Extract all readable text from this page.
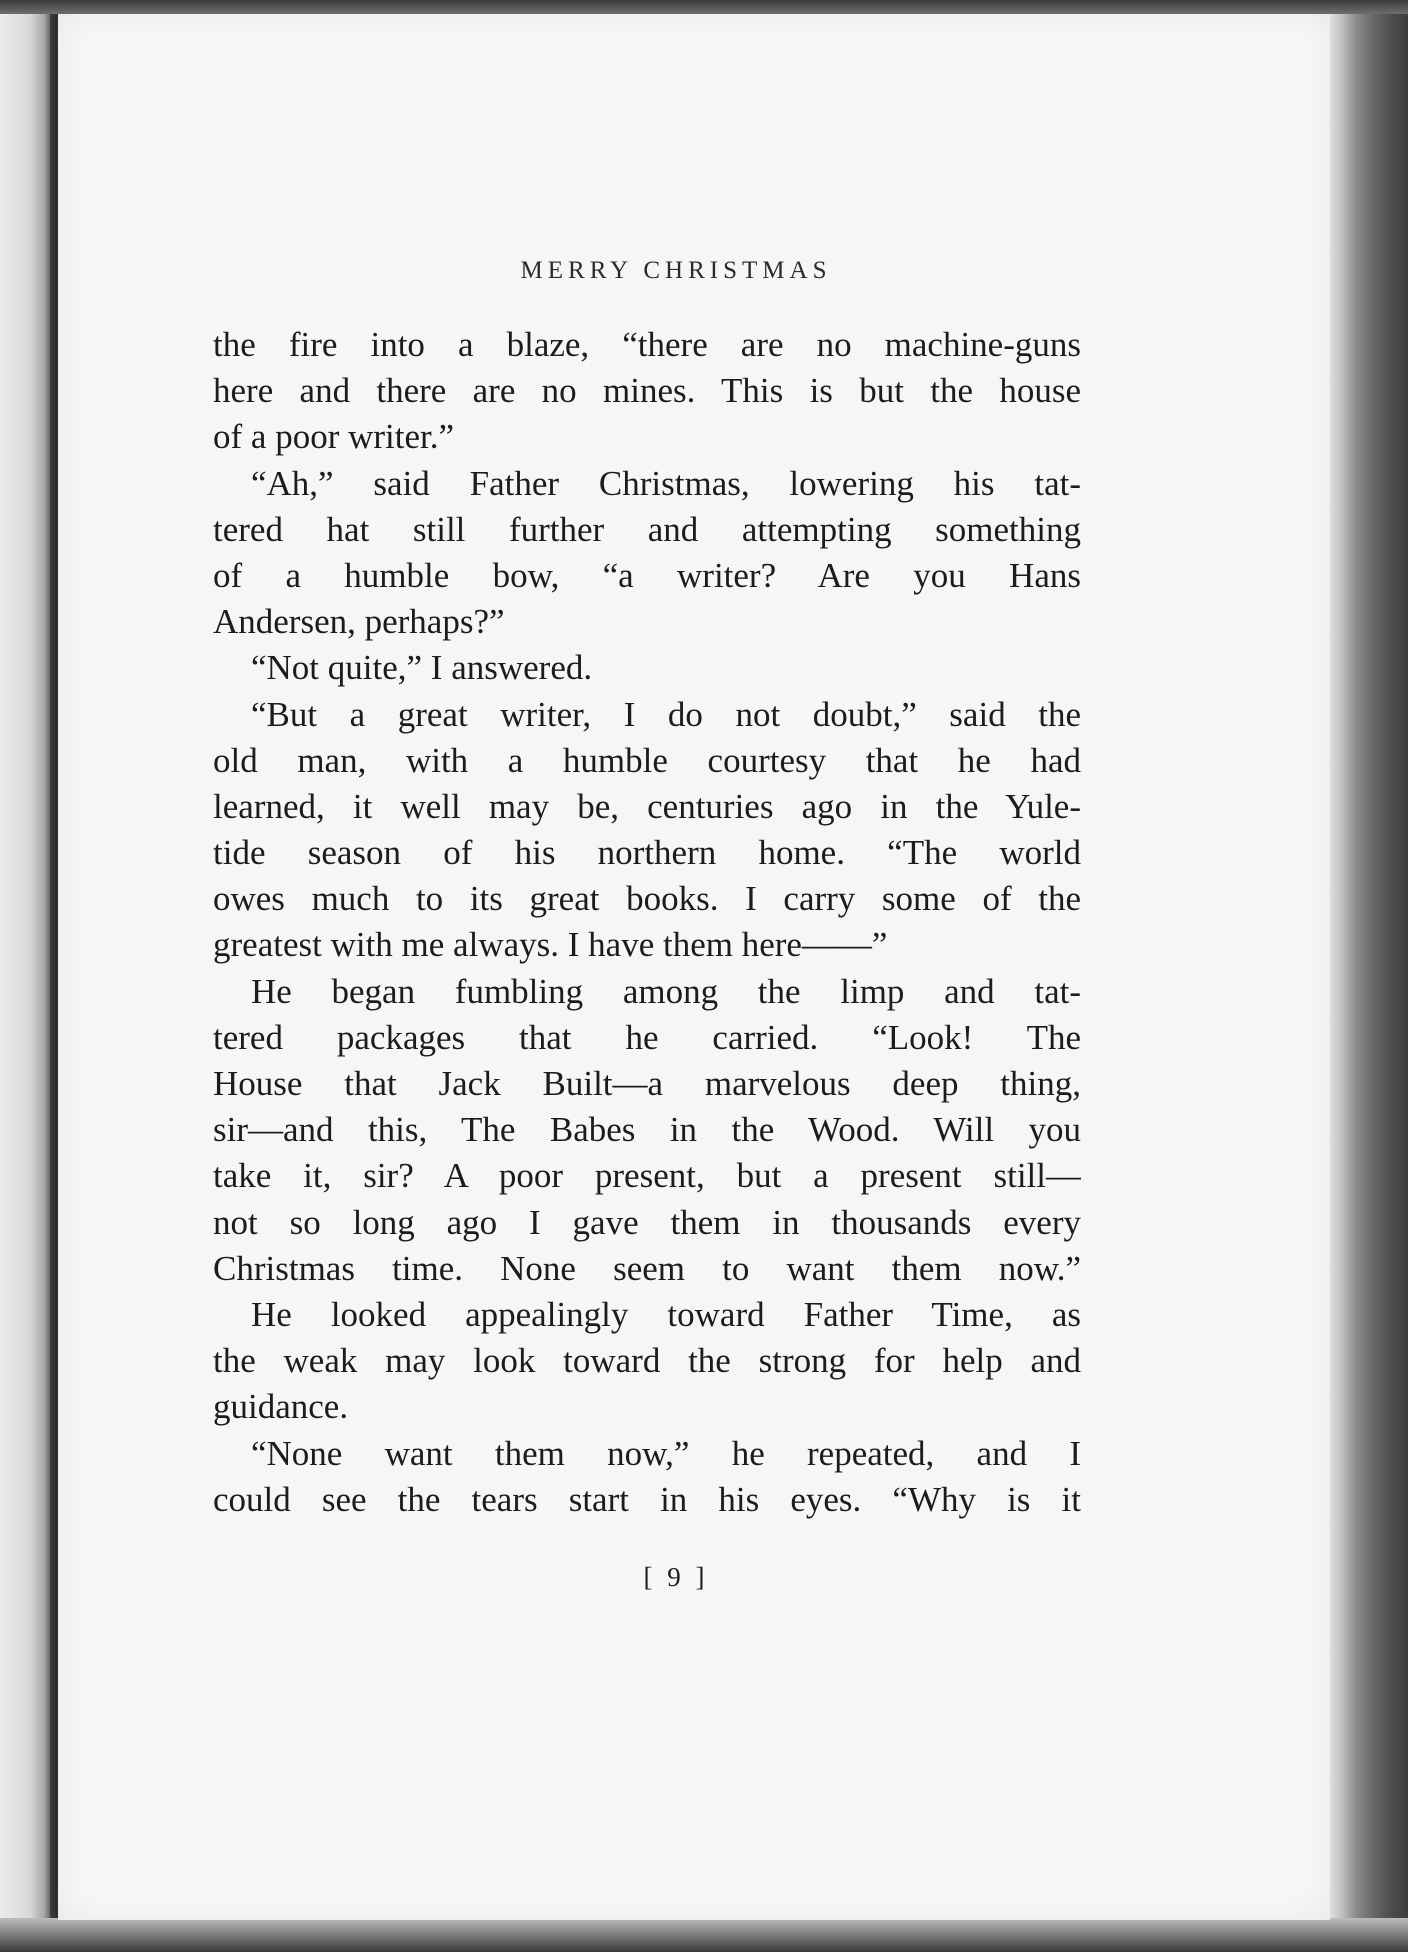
MERRY CHRISTMAS

the fire into a blaze, “there are no machine-guns
here and there are no mines. This is but the house
of a poor writer.”
“Ah,” said Father Christmas, lowering his tat-
tered hat still further and attempting something
of a humble bow, “a writer? Are you Hans
Andersen, perhaps?”
“Not quite,” I answered.
“But a great writer, I do not doubt,” said the
old man, with a humble courtesy that he had
learned, it well may be, centuries ago in the Yule-
tide season of his northern home. “The world
owes much to its great books. I carry some of the
greatest with me always. I have them here——”
He began fumbling among the limp and tat-
tered packages that he carried. “Look! The
House that Jack Built—a marvelous deep thing,
sir—and this, The Babes in the Wood. Will you
take it, sir? A poor present, but a present still—
not so long ago I gave them in thousands every
Christmas time. None seem to want them now.”
He looked appealingly toward Father Time, as
the weak may look toward the strong for help and
guidance.
“None want them now,” he repeated, and I
could see the tears start in his eyes. “Why is it

[ 9 ]
